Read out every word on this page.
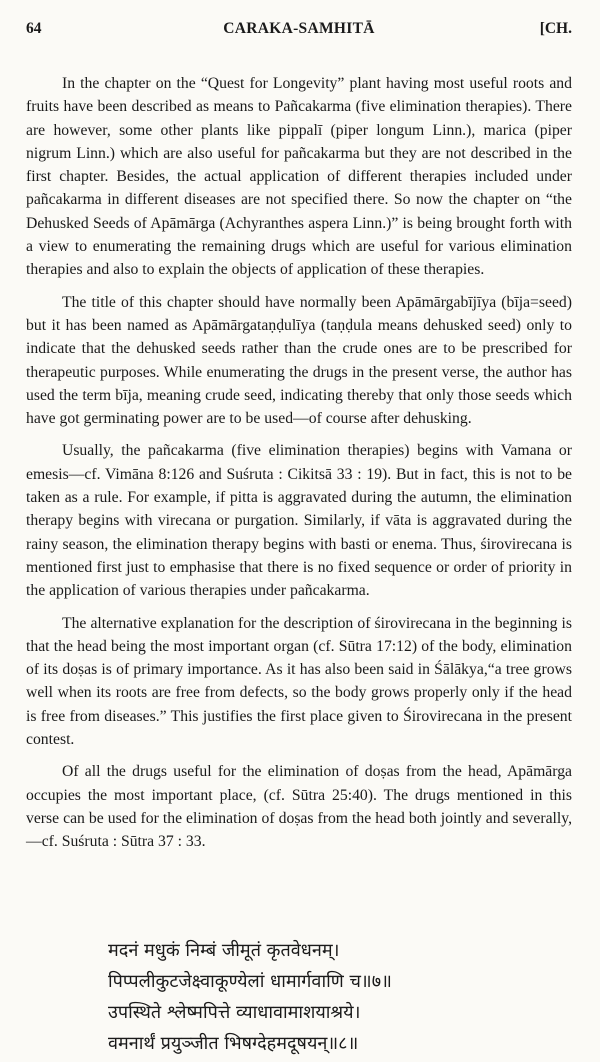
64	CARAKA-SAMHITĀ	[CH.

In the chapter on the “Quest for Longevity” plant having most useful roots and fruits have been described as means to Pañcakarma (five elimination therapies). There are however, some other plants like pippalī (piper longum Linn.), marica (piper nigrum Linn.) which are also useful for pañcakarma but they are not described in the first chapter. Besides, the actual application of different therapies included under pañcakarma in different diseases are not specified there. So now the chapter on “the Dehusked Seeds of Apāmārga (Achyranthes aspera Linn.)” is being brought forth with a view to enumerating the remaining drugs which are useful for various elimination therapies and also to explain the objects of application of these therapies.

The title of this chapter should have normally been Apāmārgabījīya (bīja=seed) but it has been named as Apāmārgataṇḍulīya (taṇḍula means dehusked seed) only to indicate that the dehusked seeds rather than the crude ones are to be prescribed for therapeutic purposes. While enumerating the drugs in the present verse, the author has used the term bīja, meaning crude seed, indicating thereby that only those seeds which have got germinating power are to be used—of course after dehusking.

Usually, the pañcakarma (five elimination therapies) begins with Vamana or emesis—cf. Vimāna 8:126 and Suśruta : Cikitsā 33 : 19). But in fact, this is not to be taken as a rule. For example, if pitta is aggravated during the autumn, the elimination therapy begins with virecana or purgation. Similarly, if vāta is aggravated during the rainy season, the elimination therapy begins with basti or enema. Thus, śirovirecana is mentioned first just to emphasise that there is no fixed sequence or order of priority in the application of various therapies under pañcakarma.

The alternative explanation for the description of śirovirecana in the beginning is that the head being the most important organ (cf. Sūtra 17:12) of the body, elimination of its doṣas is of primary importance. As it has also been said in Śālākya,“a tree grows well when its roots are free from defects, so the body grows properly only if the head is free from diseases.” This justifies the first place given to Śirovirecana in the present contest.

Of all the drugs useful for the elimination of doṣas from the head, Apāmārga occupies the most important place, (cf. Sūtra 25:40). The drugs mentioned in this verse can be used for the elimination of doṣas from the head both jointly and severally,—cf. Suśruta : Sūtra 37 : 33.

मदनं मधुकं निम्बं जीमूतं कृतवेधनम्।
पिप्पलीकुटजेक्ष्वाकूण्येलां धामार्गवाणि च॥७॥
उपस्थिते श्लेष्मपित्ते व्याधावामाशयाश्रये।
वमनार्थं प्रयुञ्जीत भिषग्देहमदूषयन्॥८॥
